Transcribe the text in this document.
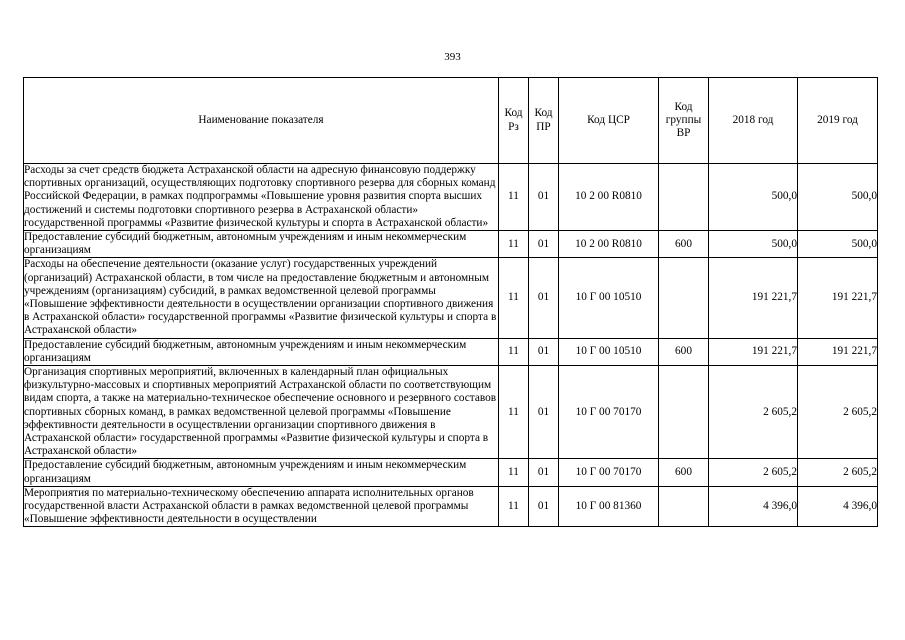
393
Наименование показателя	Код Рз	Код ПР	Код ЦСР	Код группы ВР	2018 год	2019 год
Расходы за счет средств бюджета Астраханской области на адресную финансовую поддержку спортивных организаций, осуществляющих подготовку спортивного резерва для сборных команд Российской Федерации, в рамках подпрограммы «Повышение уровня развития спорта высших достижений и системы подготовки спортивного резерва в Астраханской области» государственной программы «Развитие физической культуры и спорта в Астраханской области»	11	01	10 2 00 R0810		500,0	500,0
Предоставление субсидий бюджетным, автономным учреждениям и иным некоммерческим организациям	11	01	10 2 00 R0810	600	500,0	500,0
Расходы на обеспечение деятельности (оказание услуг) государственных учреждений (организаций) Астраханской области, в том числе на предоставление бюджетным и автономным учреждениям (организациям) субсидий, в рамках ведомственной целевой программы «Повышение эффективности деятельности в осуществлении организации спортивного движения в Астраханской области» государственной программы «Развитие физической культуры и спорта в Астраханской области»	11	01	10 Г 00 10510		191 221,7	191 221,7
Предоставление субсидий бюджетным, автономным учреждениям и иным некоммерческим организациям	11	01	10 Г 00 10510	600	191 221,7	191 221,7
Организация спортивных мероприятий, включенных в календарный план официальных физкультурно-массовых и спортивных мероприятий Астраханской области по соответствующим видам спорта, а также на материально-техническое обеспечение основного и резервного составов спортивных сборных команд, в рамках ведомственной целевой программы «Повышение эффективности деятельности в осуществлении организации спортивного движения в Астраханской области» государственной программы «Развитие физической культуры и спорта в Астраханской области»	11	01	10 Г 00 70170		2 605,2	2 605,2
Предоставление субсидий бюджетным, автономным учреждениям и иным некоммерческим организациям	11	01	10 Г 00 70170	600	2 605,2	2 605,2
Мероприятия по материально-техническому обеспечению аппарата исполнительных органов государственной власти Астраханской области в рамках ведомственной целевой программы «Повышение эффективности деятельности в осуществлении	11	01	10 Г 00 81360		4 396,0	4 396,0
